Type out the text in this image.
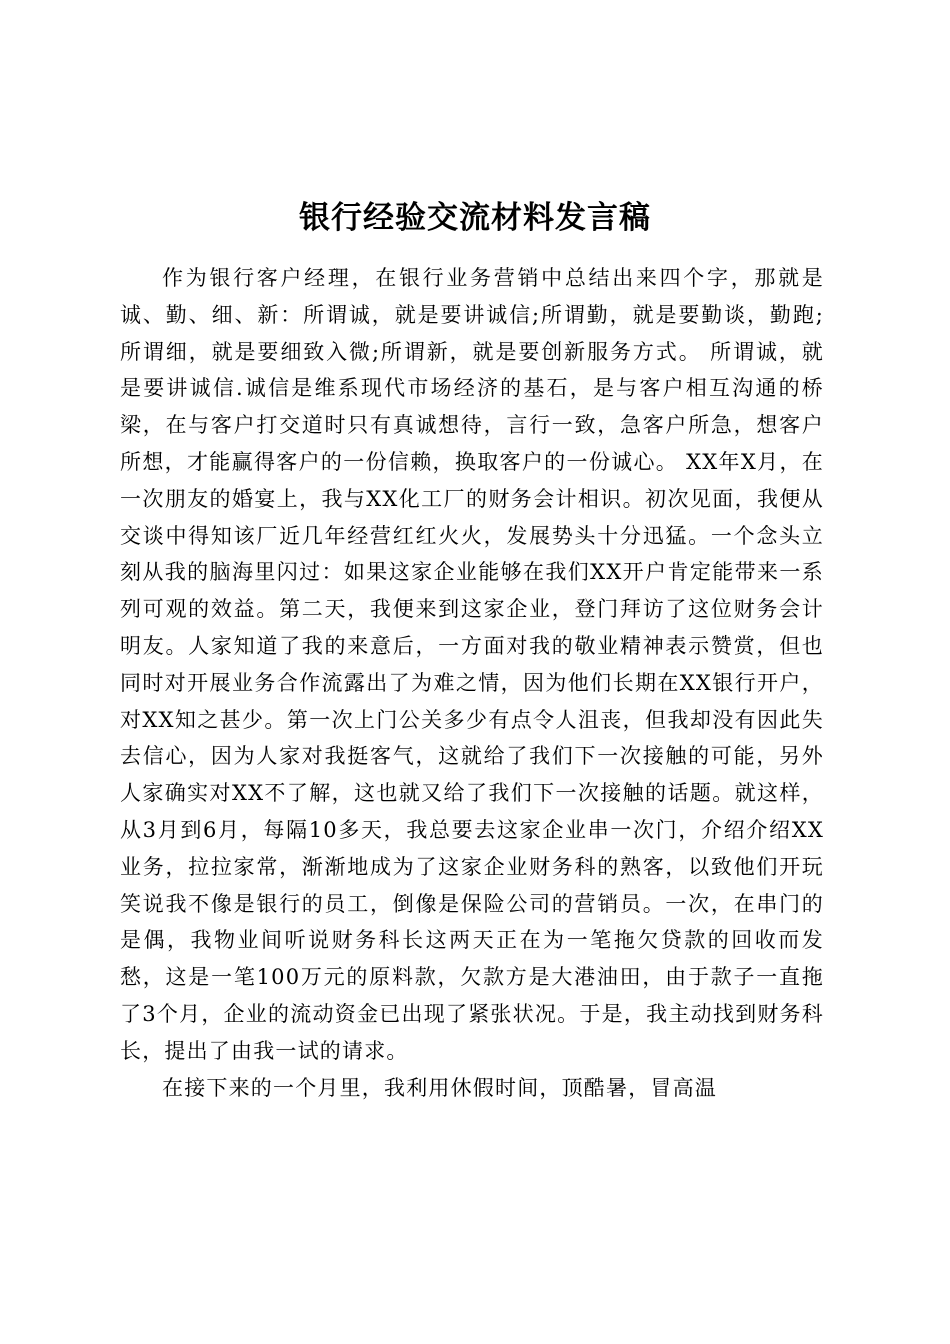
银行经验交流材料发言稿

作为银行客户经理，在银行业务营销中总结出来四个字，那就是诚、勤、细、新：所谓诚，就是要讲诚信;所谓勤，就是要勤谈，勤跑;所谓细，就是要细致入微;所谓新，就是要创新服务方式。 所谓诚，就是要讲诚信.诚信是维系现代市场经济的基石，是与客户相互沟通的桥梁，在与客户打交道时只有真诚想待，言行一致，急客户所急，想客户所想，才能赢得客户的一份信赖，换取客户的一份诚心。 XX年X月，在一次朋友的婚宴上，我与XX化工厂的财务会计相识。初次见面，我便从交谈中得知该厂近几年经营红红火火，发展势头十分迅猛。一个念头立刻从我的脑海里闪过：如果这家企业能够在我们XX开户肯定能带来一系列可观的效益。第二天，我便来到这家企业，登门拜访了这位财务会计明友。人家知道了我的来意后，一方面对我的敬业精神表示赞赏，但也同时对开展业务合作流露出了为难之情，因为他们长期在XX银行开户，对XX知之甚少。第一次上门公关多少有点令人沮丧，但我却没有因此失去信心，因为人家对我挺客气，这就给了我们下一次接触的可能，另外人家确实对XX不了解，这也就又给了我们下一次接触的话题。就这样，从3月到6月，每隔10多天，我总要去这家企业串一次门，介绍介绍XX业务，拉拉家常，渐渐地成为了这家企业财务科的熟客，以致他们开玩笑说我不像是银行的员工，倒像是保险公司的营销员。一次，在串门的是偶，我物业间听说财务科长这两天正在为一笔拖欠贷款的回收而发愁，这是一笔100万元的原料款，欠款方是大港油田，由于款子一直拖了3个月，企业的流动资金已出现了紧张状况。于是，我主动找到财务科长，提出了由我一试的请求。

在接下来的一个月里，我利用休假时间，顶酷暑，冒高温
